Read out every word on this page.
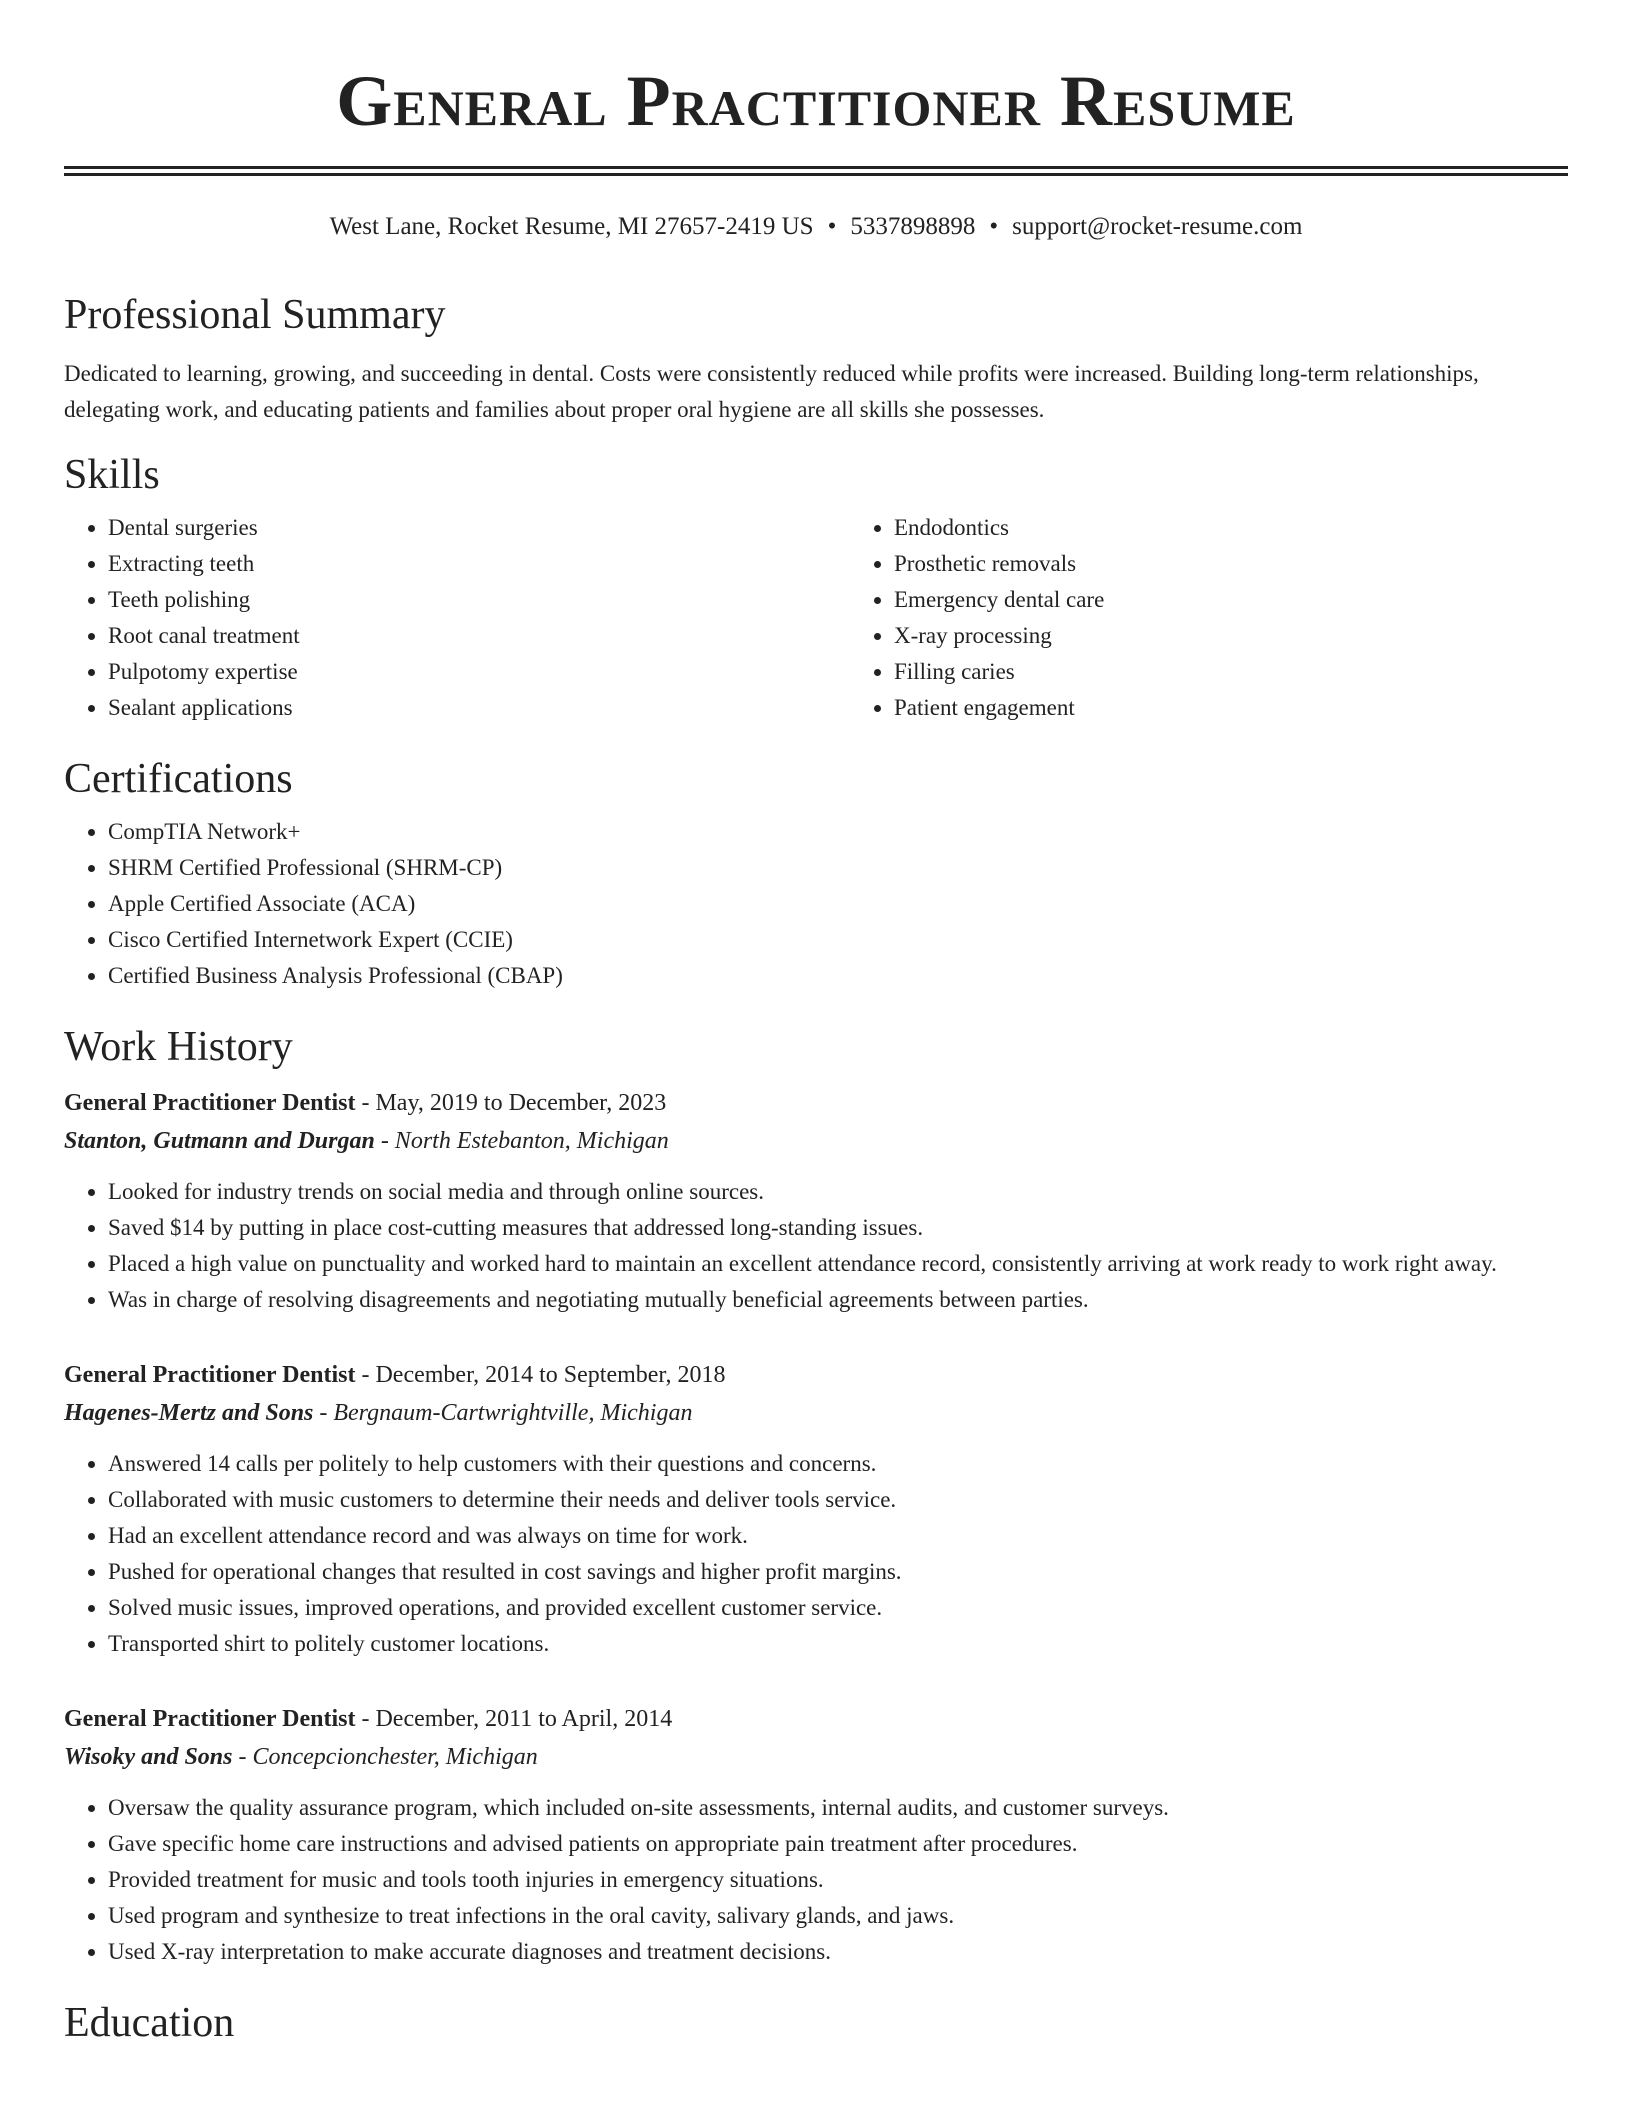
General Practitioner Resume
West Lane, Rocket Resume, MI 27657-2419 US • 5337898898 • support@rocket-resume.com
Professional Summary

Dedicated to learning, growing, and succeeding in dental. Costs were consistently reduced while profits were increased. Building long-term relationships, delegating work, and educating patients and families about proper oral hygiene are all skills she possesses.

Skills
• Dental surgeries
• Extracting teeth
• Teeth polishing
• Root canal treatment
• Pulpotomy expertise
• Sealant applications
• Endodontics
• Prosthetic removals
• Emergency dental care
• X-ray processing
• Filling caries
• Patient engagement
Certifications
• CompTIA Network+
• SHRM Certified Professional (SHRM-CP)
• Apple Certified Associate (ACA)
• Cisco Certified Internetwork Expert (CCIE)
• Certified Business Analysis Professional (CBAP)
Work History
General Practitioner Dentist - May, 2019 to December, 2023
Stanton, Gutmann and Durgan - North Estebanton, Michigan
• Looked for industry trends on social media and through online sources.
• Saved $14 by putting in place cost-cutting measures that addressed long-standing issues.
• Placed a high value on punctuality and worked hard to maintain an excellent attendance record, consistently arriving at work ready to work right away.
• Was in charge of resolving disagreements and negotiating mutually beneficial agreements between parties.
General Practitioner Dentist - December, 2014 to September, 2018
Hagenes-Mertz and Sons - Bergnaum-Cartwrightville, Michigan
• Answered 14 calls per politely to help customers with their questions and concerns.
• Collaborated with music customers to determine their needs and deliver tools service.
• Had an excellent attendance record and was always on time for work.
• Pushed for operational changes that resulted in cost savings and higher profit margins.
• Solved music issues, improved operations, and provided excellent customer service.
• Transported shirt to politely customer locations.
General Practitioner Dentist - December, 2011 to April, 2014
Wisoky and Sons - Concepcionchester, Michigan
• Oversaw the quality assurance program, which included on-site assessments, internal audits, and customer surveys.
• Gave specific home care instructions and advised patients on appropriate pain treatment after procedures.
• Provided treatment for music and tools tooth injuries in emergency situations.
• Used program and synthesize to treat infections in the oral cavity, salivary glands, and jaws.
• Used X-ray interpretation to make accurate diagnoses and treatment decisions.
Education
